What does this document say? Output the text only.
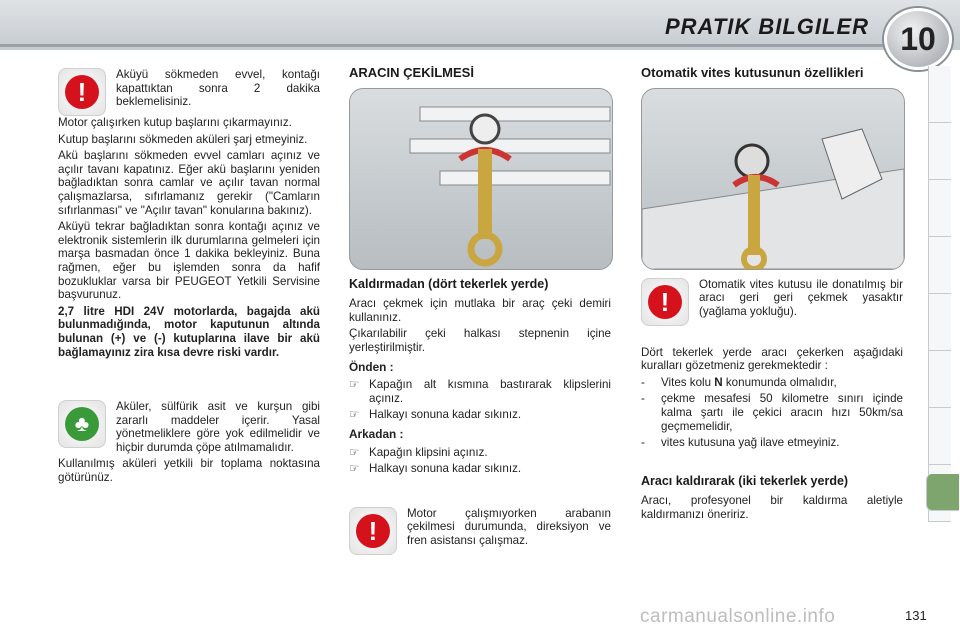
PRATIK BILGILER 10
!

Aküyü sökmeden evvel, kontağı kapattıktan sonra 2 dakika beklemelisiniz.

Motor çalışırken kutup başlarını çıkarmayınız.

Kutup başlarını sökmeden aküleri şarj etmeyiniz.

Akü başlarını sökmeden evvel camları açınız ve açılır tavanı kapatınız. Eğer akü başlarını yeniden bağladıktan sonra camlar ve açılır tavan normal çalışmazlarsa, sıfırlamanız gerekir ("Camların sıfırlanması" ve "Açılır tavan" konularına bakınız).

Aküyü tekrar bağladıktan sonra kontağı açınız ve elektronik sistemlerin ilk durumlarına gelmeleri için marşa basmadan önce 1 dakika bekleyiniz. Buna rağmen, eğer bu işlemden sonra da hafif bozukluklar varsa bir PEUGEOT Yetkili Servisine başvurunuz.

2,7 litre HDI 24V motorlarda, bagajda akü bulunmadığında, motor kaputunun altında bulunan (+) ve (-) kutuplarına ilave bir akü bağlamayınız zira kısa devre riski vardır.

♣

Aküler, sülfürik asit ve kurşun gibi zararlı maddeler içerir. Yasal yönetmeliklere göre yok edilmelidir ve hiçbir durumda çöpe atılmamalıdır.

Kullanılmış aküleri yetkili bir toplama noktasına götürünüz.

ARACIN ÇEKİLMESİ
Kaldırmadan (dört tekerlek yerde)

Aracı çekmek için mutlaka bir araç çeki demiri kullanınız.

Çıkarılabilir çeki halkası stepnenin içine yerleştirilmiştir.

Önden :
☞ Kapağın alt kısmına bastırarak klipslerini açınız.
☞ Halkayı sonuna kadar sıkınız.
Arkadan :
☞ Kapağın klipsini açınız.
☞ Halkayı sonuna kadar sıkınız.
!

Motor çalışmıyorken arabanın çekilmesi durumunda, direksiyon ve fren asistansı çalışmaz.

Otomatik vites kutusunun özellikleri
!

Otomatik vites kutusu ile donatılmış bir aracı geri geri çekmek yasaktır (yağlama yokluğu).

Dört tekerlek yerde aracı çekerken aşağıdaki kuralları gözetmeniz gerekmektedir :

-	Vites kolu N konumunda olmalıdır,
-	çekme mesafesi 50 kilometre sınırı içinde kalma şartı ile çekici aracın hızı 50km/sa geçmemelidir,
-	vites kutusuna yağ ilave etmeyiniz.
Aracı kaldırarak (iki tekerlek yerde)

Aracı, profesyonel bir kaldırma aletiyle kaldırmanızı öneririz.

carmanualsonline.info	131
